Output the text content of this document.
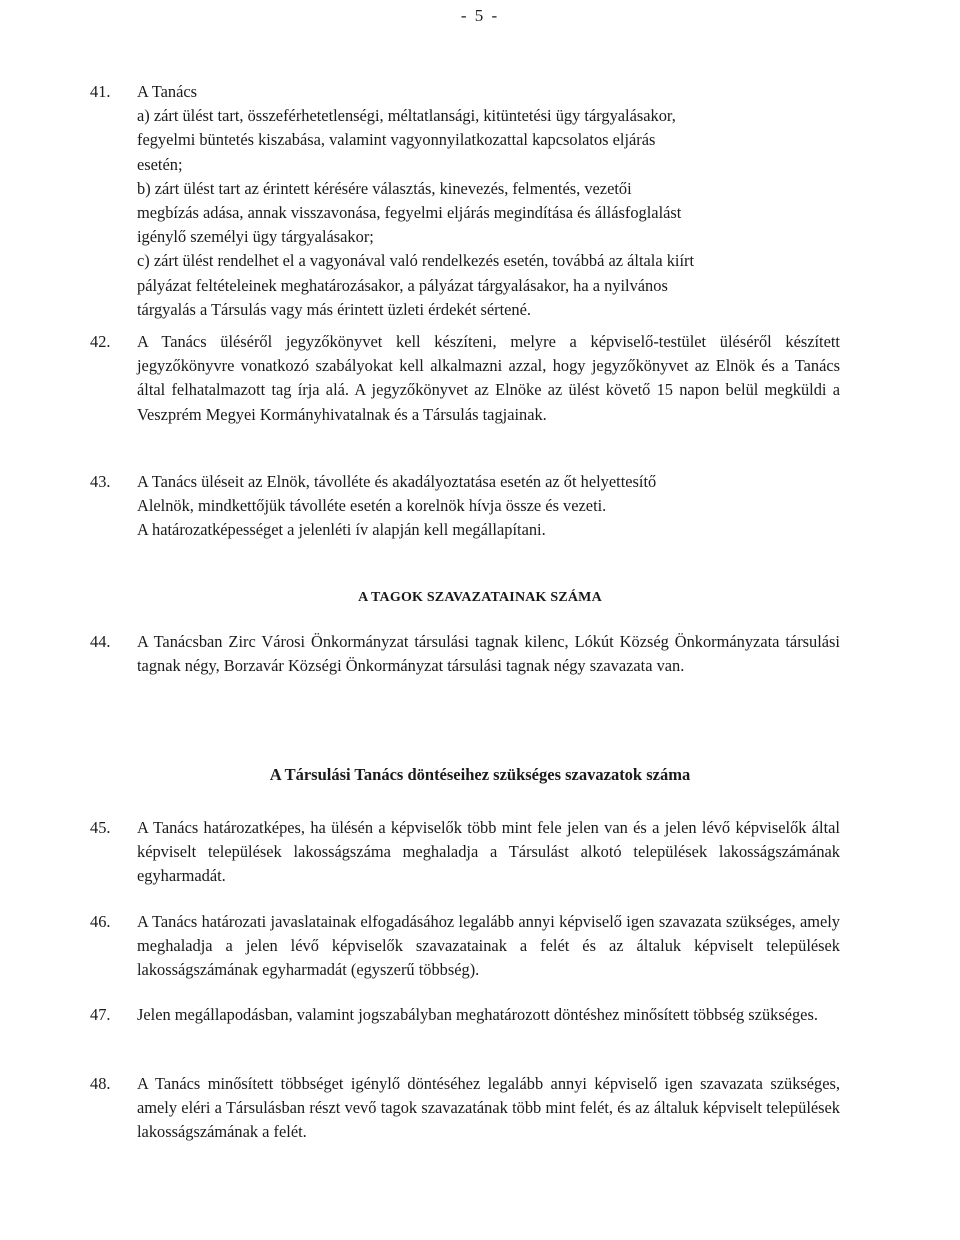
- 5 -
41.	A Tanács
a) zárt ülést tart, összeférhetetlenségi, méltatlansági, kitüntetési ügy tárgyalásakor,
fegyelmi büntetés kiszabása, valamint vagyonnyilatkozattal kapcsolatos eljárás
esetén;
b) zárt ülést tart az érintett kérésére választás, kinevezés, felmentés, vezetői
megbízás adása, annak visszavonása, fegyelmi eljárás megindítása és állásfoglalást
igénylő személyi ügy tárgyalásakor;
c) zárt ülést rendelhet el a vagyonával való rendelkezés esetén, továbbá az általa kiírt
pályázat feltételeinek meghatározásakor, a pályázat tárgyalásakor, ha a nyilvános
tárgyalás a Társulás vagy más érintett üzleti érdekét sértené.
42.	A Tanács üléséről jegyzőkönyvet kell készíteni, melyre a képviselő-testület üléséről készített jegyzőkönyvre vonatkozó szabályokat kell alkalmazni azzal, hogy jegyzőkönyvet az Elnök és a Tanács által felhatalmazott tag írja alá. A jegyzőkönyvet az Elnöke az ülést követő 15 napon belül megküldi a Veszprém Megyei Kormányhivatalnak és a Társulás tagjainak.
43.	A Tanács üléseit az Elnök, távolléte és akadályoztatása esetén az őt helyettesítő
Alelnök, mindkettőjük távolléte esetén a korelnök hívja össze és vezeti.
A határozatképességet a jelenléti ív alapján kell megállapítani.
A TAGOK SZAVAZATAINAK SZÁMA
44.	A Tanácsban Zirc Városi Önkormányzat társulási tagnak kilenc, Lókút Község Önkormányzata társulási tagnak négy, Borzavár Községi Önkormányzat társulási tagnak négy szavazata van.
A Társulási Tanács döntéseihez szükséges szavazatok száma
45.	A Tanács határozatképes, ha ülésén a képviselők több mint fele jelen van és a jelen lévő képviselők által képviselt települések lakosságszáma meghaladja a Társulást alkotó települések lakosságszámának egyharmadát.
46.	A Tanács határozati javaslatainak elfogadásához legalább annyi képviselő igen szavazata szükséges, amely meghaladja a jelen lévő képviselők szavazatainak a felét és az általuk képviselt települések lakosságszámának egyharmadát (egyszerű többség).
47.	Jelen megállapodásban, valamint jogszabályban meghatározott döntéshez minősített többség szükséges.
48.	A Tanács minősített többséget igénylő döntéséhez legalább annyi képviselő igen szavazata szükséges, amely eléri a Társulásban részt vevő tagok szavazatának több mint felét, és az általuk képviselt települések lakosságszámának a felét.
